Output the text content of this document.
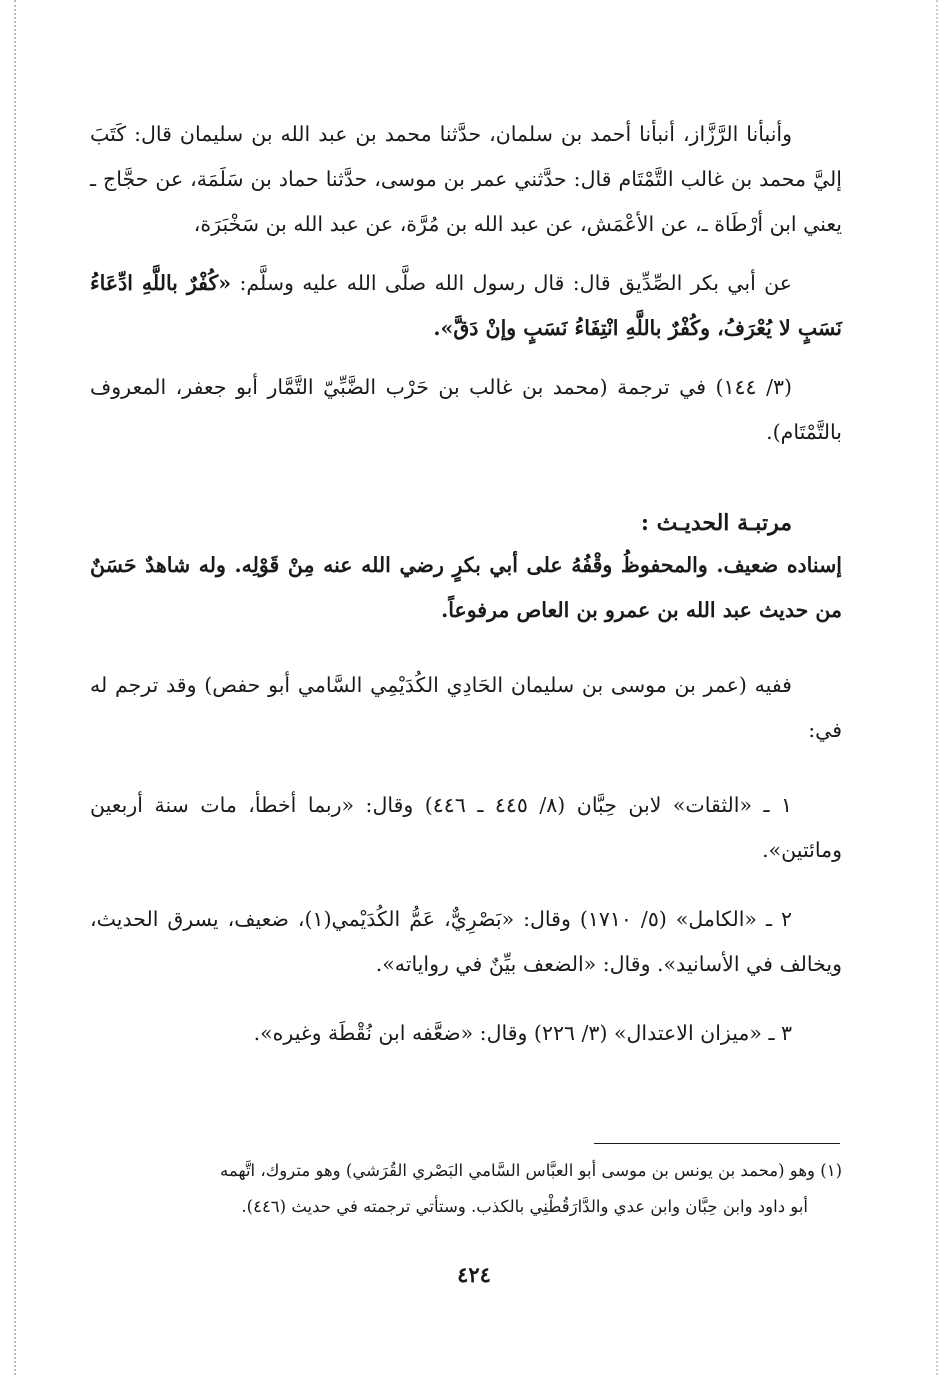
وأنبأنا الرَّزَّاز، أنبأنا أحمد بن سلمان، حدَّثنا محمد بن عبد الله بن سليمان قال: كَتَبَ إليَّ محمد بن غالب التَّمْتَام قال: حدَّثني عمر بن موسى، حدَّثنا حماد بن سَلَمَة، عن حجَّاج ـ يعني ابن أرْطَاة ـ، عن الأعْمَش، عن عبد الله بن مُرَّة، عن عبد الله بن سَخْبَرَة،

عن أبي بكر الصِّدِّيق قال: قال رسول الله صلَّى الله عليه وسلَّم: «كُفْرٌ باللَّهِ ادِّعَاءُ نَسَبٍ لا يُعْرَفُ، وكُفْرٌ باللَّهِ انْتِفَاءُ نَسَبٍ وإنْ دَقَّ».

(٣/ ١٤٤) في ترجمة (محمد بن غالب بن حَرْب الضَّبِّيّ التَّمَّار أبو جعفر، المعروف بالتَّمْتَام).

مرتبـة الحديـث :

إسناده ضعيف. والمحفوظُ وقْفُهُ على أبي بكرٍ رضي الله عنه مِنْ قَوْلِه. وله شاهدٌ حَسَنٌ من حديث عبد الله بن عمرو بن العاص مرفوعاً.

ففيه (عمر بن موسى بن سليمان الحَادِي الكُدَيْمِي السَّامي أبو حفص) وقد ترجم له في:

١ ـ «الثقات» لابن حِبَّان (٨/ ٤٤٥ ـ ٤٤٦) وقال: «ربما أخطأ، مات سنة أربعين ومائتين».

٢ ـ «الكامل» (٥/ ١٧١٠) وقال: «بَصْرِيٌّ، عَمُّ الكُدَيْمي(١)، ضعيف، يسرق الحديث، ويخالف في الأسانيد». وقال: «الضعف بيِّنٌ في رواياته».

٣ ـ «ميزان الاعتدال» (٣/ ٢٢٦) وقال: «ضعَّفه ابن نُقْطَة وغيره».

(١) وهو (محمد بن يونس بن موسى أبو العبَّاس السَّامي البَصْري القُرَشي) وهو متروك، اتَّهمه

أبو داود وابن حِبَّان وابن عدي والدَّارَقُطْنِي بالكذب. وستأتي ترجمته في حديث (٤٤٦).

٤٢٤
